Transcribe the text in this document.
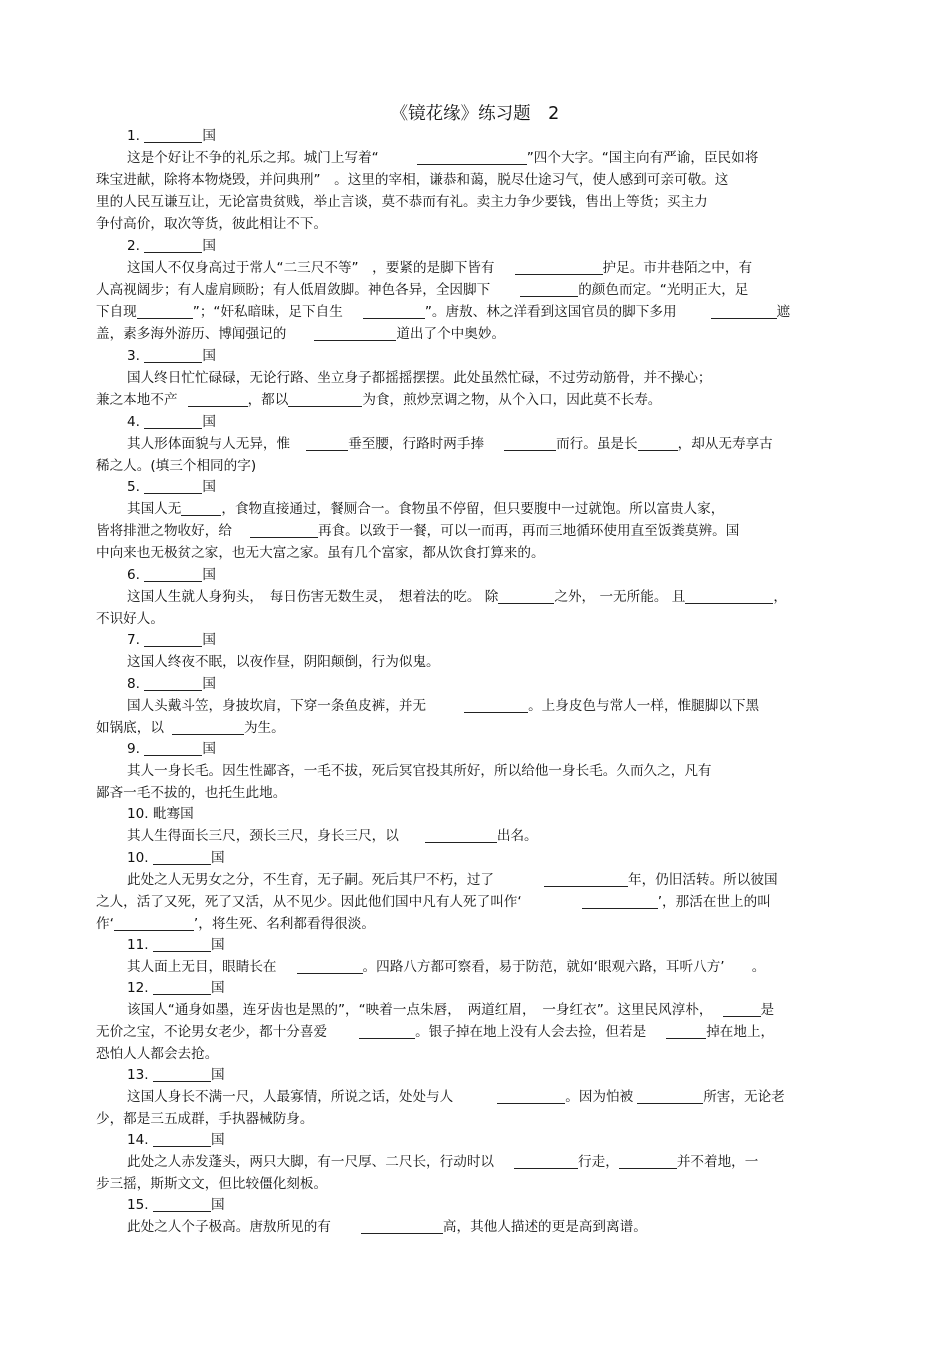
《镜花缘》练习题　2
1.	国
这是个好让不争的礼乐之邦。城门上写着“	”四个大字。“国主向有严谕，臣民如将
珠宝进献，除将本物烧毁，并问典刑”　。这里的宰相，谦恭和蔼，脱尽仕途习气，使人感到可亲可敬。这
里的人民互谦互让，无论富贵贫贱，举止言谈，莫不恭而有礼。卖主力争少要钱，售出上等货；买主力
争付高价，取次等货，彼此相让不下。
2.	国
这国人不仅身高过于常人“二三尺不等”　，要紧的是脚下皆有	护足。市井巷陌之中，有
人高视阔步；有人虚肩顾盼；有人低眉敛脚。神色各异，全因脚下	的颜色而定。“光明正大，足
下自现	”；“奸私暗昧，足下自生	”。唐敖、林之洋看到这国官员的脚下多用	遮
盖，素多海外游历、博闻强记的	道出了个中奥妙。
3.	国
国人终日忙忙碌碌，无论行路、坐立身子都摇摇摆摆。此处虽然忙碌，不过劳动筋骨，并不操心；
兼之本地不产	，都以	为食，煎炒烹调之物，从个入口，因此莫不长寿。
4.	国
其人形体面貌与人无异，惟	垂至腰，行路时两手捧	而行。虽是长	，却从无寿享古
稀之人。(填三个相同的字)
5.	国
其国人无	，食物直接通过，餐厕合一。食物虽不停留，但只要腹中一过就饱。所以富贵人家，
皆将排泄之物收好，给	再食。以致于一餐，可以一而再，再而三地循环使用直至饭粪莫辨。国
中向来也无极贫之家，也无大富之家。虽有几个富家，都从饮食打算来的。
6.	国
这国人生就人身狗头，　每日伤害无数生灵，　想着法的吃。 除	之外， 一无所能。 且	，
不识好人。
7.	国
这国人终夜不眠，以夜作昼，阴阳颠倒，行为似鬼。
8.	国
国人头戴斗笠，身披坎肩，下穿一条鱼皮裤，并无	。上身皮色与常人一样，惟腿脚以下黑
如锅底，以	为生。
9.	国
其人一身长毛。因生性鄙吝，一毛不拔，死后冥官投其所好，所以给他一身长毛。久而久之，凡有
鄙吝一毛不拔的，也托生此地。
10. 毗骞国
其人生得面长三尺，颈长三尺，身长三尺，以	出名。
10.	国
此处之人无男女之分，不生育，无子嗣。死后其尸不朽，过了	年，仍旧活转。所以彼国
之人，活了又死，死了又活，从不见少。因此他们国中凡有人死了叫作‘	’，那活在世上的叫
作‘	’，将生死、名利都看得很淡。
11.	国
其人面上无目，眼睛长在	。四路八方都可察看，易于防范，就如‘眼观六路，耳听八方’　　。
12.	国
该国人“通身如墨，连牙齿也是黑的”，“映着一点朱唇，　两道红眉，　一身红衣”。这里民风淳朴，	是
无价之宝，不论男女老少，都十分喜爱	。银子掉在地上没有人会去捡，但若是	掉在地上，
恐怕人人都会去抢。
13.	国
这国人身长不满一尺，人最寡情，所说之话，处处与人	。因为怕被	所害，无论老
少，都是三五成群，手执器械防身。
14.	国
此处之人赤发蓬头，两只大脚，有一尺厚、二尺长，行动时以	行走，	并不着地，一
步三摇，斯斯文文，但比较僵化刻板。
15.	国
此处之人个子极高。唐敖所见的有	高，其他人描述的更是高到离谱。
